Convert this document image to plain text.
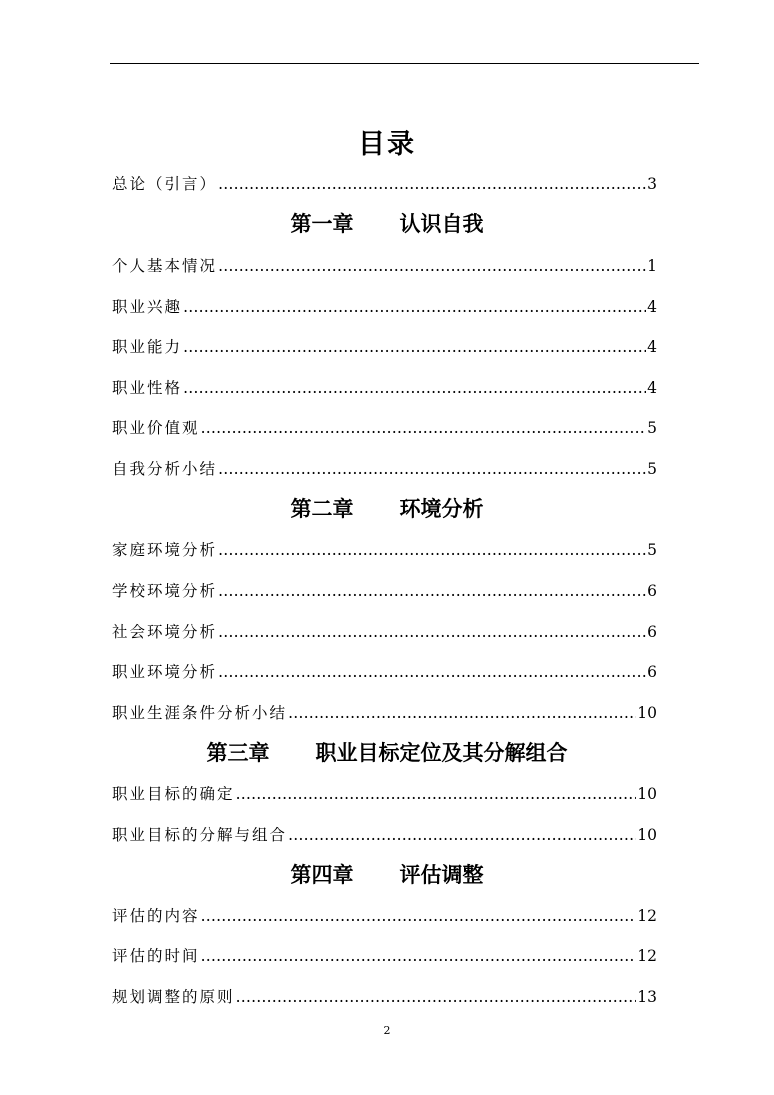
目录
总论（引言） ……………………………………………………………………………………………………………………………………………………………………………………………………………………	3
第一章 认识自我
个人基本情况 ……………………………………………………………………………………………………………………………………………………………………………………………………………………	1
职业兴趣 ……………………………………………………………………………………………………………………………………………………………………………………………………………………	4
职业能力 ……………………………………………………………………………………………………………………………………………………………………………………………………………………	4
职业性格 ……………………………………………………………………………………………………………………………………………………………………………………………………………………	4
职业价值观 ……………………………………………………………………………………………………………………………………………………………………………………………………………………	5
自我分析小结 ……………………………………………………………………………………………………………………………………………………………………………………………………………………	5
第二章 环境分析
家庭环境分析 ……………………………………………………………………………………………………………………………………………………………………………………………………………………	5
学校环境分析 ……………………………………………………………………………………………………………………………………………………………………………………………………………………	6
社会环境分析 ……………………………………………………………………………………………………………………………………………………………………………………………………………………	6
职业环境分析 ……………………………………………………………………………………………………………………………………………………………………………………………………………………	6
职业生涯条件分析小结 ……………………………………………………………………………………………………………………………………………………………………………………………………………………	10
第三章 职业目标定位及其分解组合
职业目标的确定 ……………………………………………………………………………………………………………………………………………………………………………………………………………………	10
职业目标的分解与组合 ……………………………………………………………………………………………………………………………………………………………………………………………………………………	10
第四章 评估调整
评估的内容 ……………………………………………………………………………………………………………………………………………………………………………………………………………………	12
评估的时间 ……………………………………………………………………………………………………………………………………………………………………………………………………………………	12
规划调整的原则 ……………………………………………………………………………………………………………………………………………………………………………………………………………………	13
2
